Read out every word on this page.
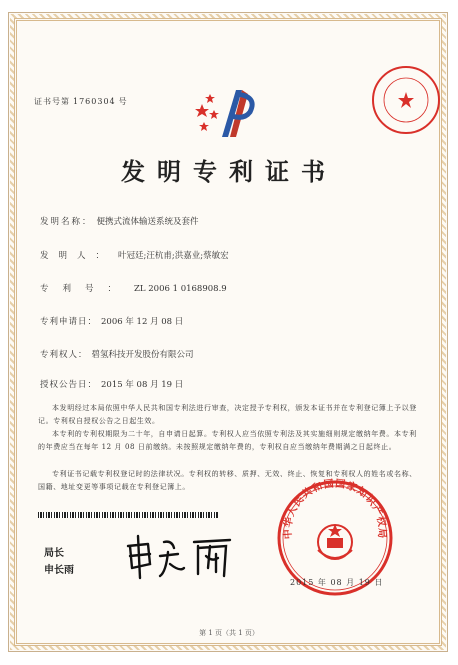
证书号第 1760304 号
发明专利证书
发明名称： 便携式流体输送系统及套件
发明人： 叶冠廷;汪杭甫;洪嘉业;蔡敏宏
专利号： ZL 2006 1 0168908.9
专利申请日： 2006 年 12 月 08 日
专利权人： 碧氢科技开发股份有限公司
授权公告日： 2015 年 08 月 19 日
本发明经过本局依照中华人民共和国专利法进行审查，决定授予专利权，颁发本证书并在专利登记簿上予以登记。专利权自授权公告之日起生效。
本专利的专利权期限为二十年，自申请日起算。专利权人应当依照专利法及其实施细则规定缴纳年费。本专利的年费应当在每年 12 月 08 日前缴纳。未按照规定缴纳年费的，专利权自应当缴纳年费期满之日起终止。
专利证书记载专利权登记时的法律状况。专利权的转移、质押、无效、终止、恢复和专利权人的姓名或名称、国籍、地址变更等事项记载在专利登记簿上。
局长
申长雨
中华人民共和国国家知识产权局
2015 年 08 月 19 日
第 1 页（共 1 页）
